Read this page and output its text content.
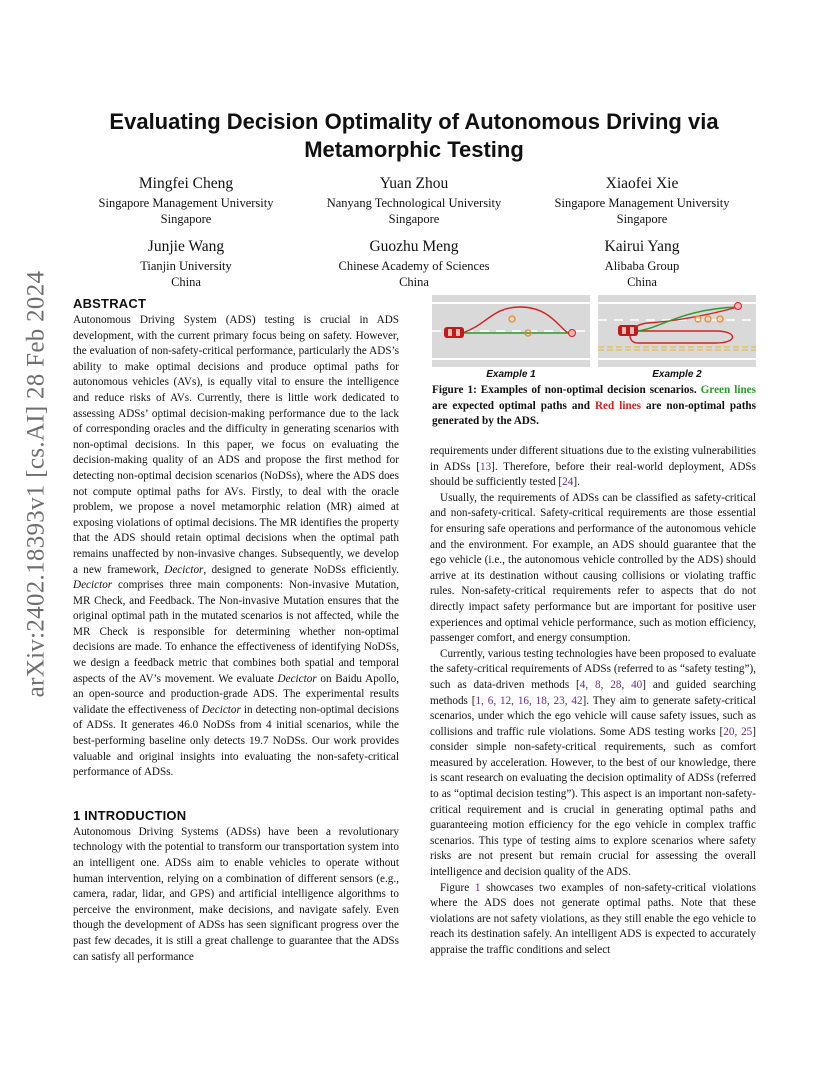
Evaluating Decision Optimality of Autonomous Driving via Metamorphic Testing
Mingfei Cheng
Singapore Management University
Singapore
Yuan Zhou
Nanyang Technological University
Singapore
Xiaofei Xie
Singapore Management University
Singapore
Junjie Wang
Tianjin University
China
Guozhu Meng
Chinese Academy of Sciences
China
Kairui Yang
Alibaba Group
China
arXiv:2402.18393v1 [cs.AI] 28 Feb 2024 ABSTRACT

Autonomous Driving System (ADS) testing is crucial in ADS development, with the current primary focus being on safety. However, the evaluation of non-safety-critical performance, particularly the ADS’s ability to make optimal decisions and produce optimal paths for autonomous vehicles (AVs), is equally vital to ensure the intelligence and reduce risks of AVs. Currently, there is little work dedicated to assessing ADSs’ optimal decision-making performance due to the lack of corresponding oracles and the difficulty in generating scenarios with non-optimal decisions. In this paper, we focus on evaluating the decision-making quality of an ADS and propose the first method for detecting non-optimal decision scenarios (NoDSs), where the ADS does not compute optimal paths for AVs. Firstly, to deal with the oracle problem, we propose a novel metamorphic relation (MR) aimed at exposing violations of optimal decisions. The MR identifies the property that the ADS should retain optimal decisions when the optimal path remains unaffected by non-invasive changes. Subsequently, we develop a new framework, Decictor, designed to generate NoDSs efficiently. Decictor comprises three main components: Non-invasive Mutation, MR Check, and Feedback. The Non-invasive Mutation ensures that the original optimal path in the mutated scenarios is not affected, while the MR Check is responsible for determining whether non-optimal decisions are made. To enhance the effectiveness of identifying NoDSs, we design a feedback metric that combines both spatial and temporal aspects of the AV’s movement. We evaluate Decictor on Baidu Apollo, an open-source and production-grade ADS. The experimental results validate the effectiveness of Decictor in detecting non-optimal decisions of ADSs. It generates 46.0 NoDSs from 4 initial scenarios, while the best-performing baseline only detects 19.7 NoDSs. Our work provides valuable and original insights into evaluating the non-safety-critical performance of ADSs.

1 INTRODUCTION

Autonomous Driving Systems (ADSs) have been a revolutionary technology with the potential to transform our transportation system into an intelligent one. ADSs aim to enable vehicles to operate without human intervention, relying on a combination of different sensors (e.g., camera, radar, lidar, and GPS) and artificial intelligence algorithms to perceive the environment, make decisions, and navigate safely. Even though the development of ADSs has seen significant progress over the past few decades, it is still a great challenge to guarantee that the ADSs can satisfy all performance

Example 1	Example 2
Figure 1: Examples of non-optimal decision scenarios. Green lines are expected optimal paths and Red lines are non-optimal paths generated by the ADS.

requirements under different situations due to the existing vulnerabilities in ADSs [13]. Therefore, before their real-world deployment, ADSs should be sufficiently tested [24].

Usually, the requirements of ADSs can be classified as safety-critical and non-safety-critical. Safety-critical requirements are those essential for ensuring safe operations and performance of the autonomous vehicle and the environment. For example, an ADS should guarantee that the ego vehicle (i.e., the autonomous vehicle controlled by the ADS) should arrive at its destination without causing collisions or violating traffic rules. Non-safety-critical requirements refer to aspects that do not directly impact safety performance but are important for positive user experiences and optimal vehicle performance, such as motion efficiency, passenger comfort, and energy consumption.

Currently, various testing technologies have been proposed to evaluate the safety-critical requirements of ADSs (referred to as “safety testing”), such as data-driven methods [4, 8, 28, 40] and guided searching methods [1, 6, 12, 16, 18, 23, 42]. They aim to generate safety-critical scenarios, under which the ego vehicle will cause safety issues, such as collisions and traffic rule violations. Some ADS testing works [20, 25] consider simple non-safety-critical requirements, such as comfort measured by acceleration. However, to the best of our knowledge, there is scant research on evaluating the decision optimality of ADSs (referred to as “optimal decision testing”). This aspect is an important non-safety-critical requirement and is crucial in generating optimal paths and guaranteeing motion efficiency for the ego vehicle in complex traffic scenarios. This type of testing aims to explore scenarios where safety risks are not present but remain crucial for assessing the overall intelligence and decision quality of the ADS.

Figure 1 showcases two examples of non-safety-critical violations where the ADS does not generate optimal paths. Note that these violations are not safety violations, as they still enable the ego vehicle to reach its destination safely. An intelligent ADS is expected to accurately appraise the traffic conditions and select
